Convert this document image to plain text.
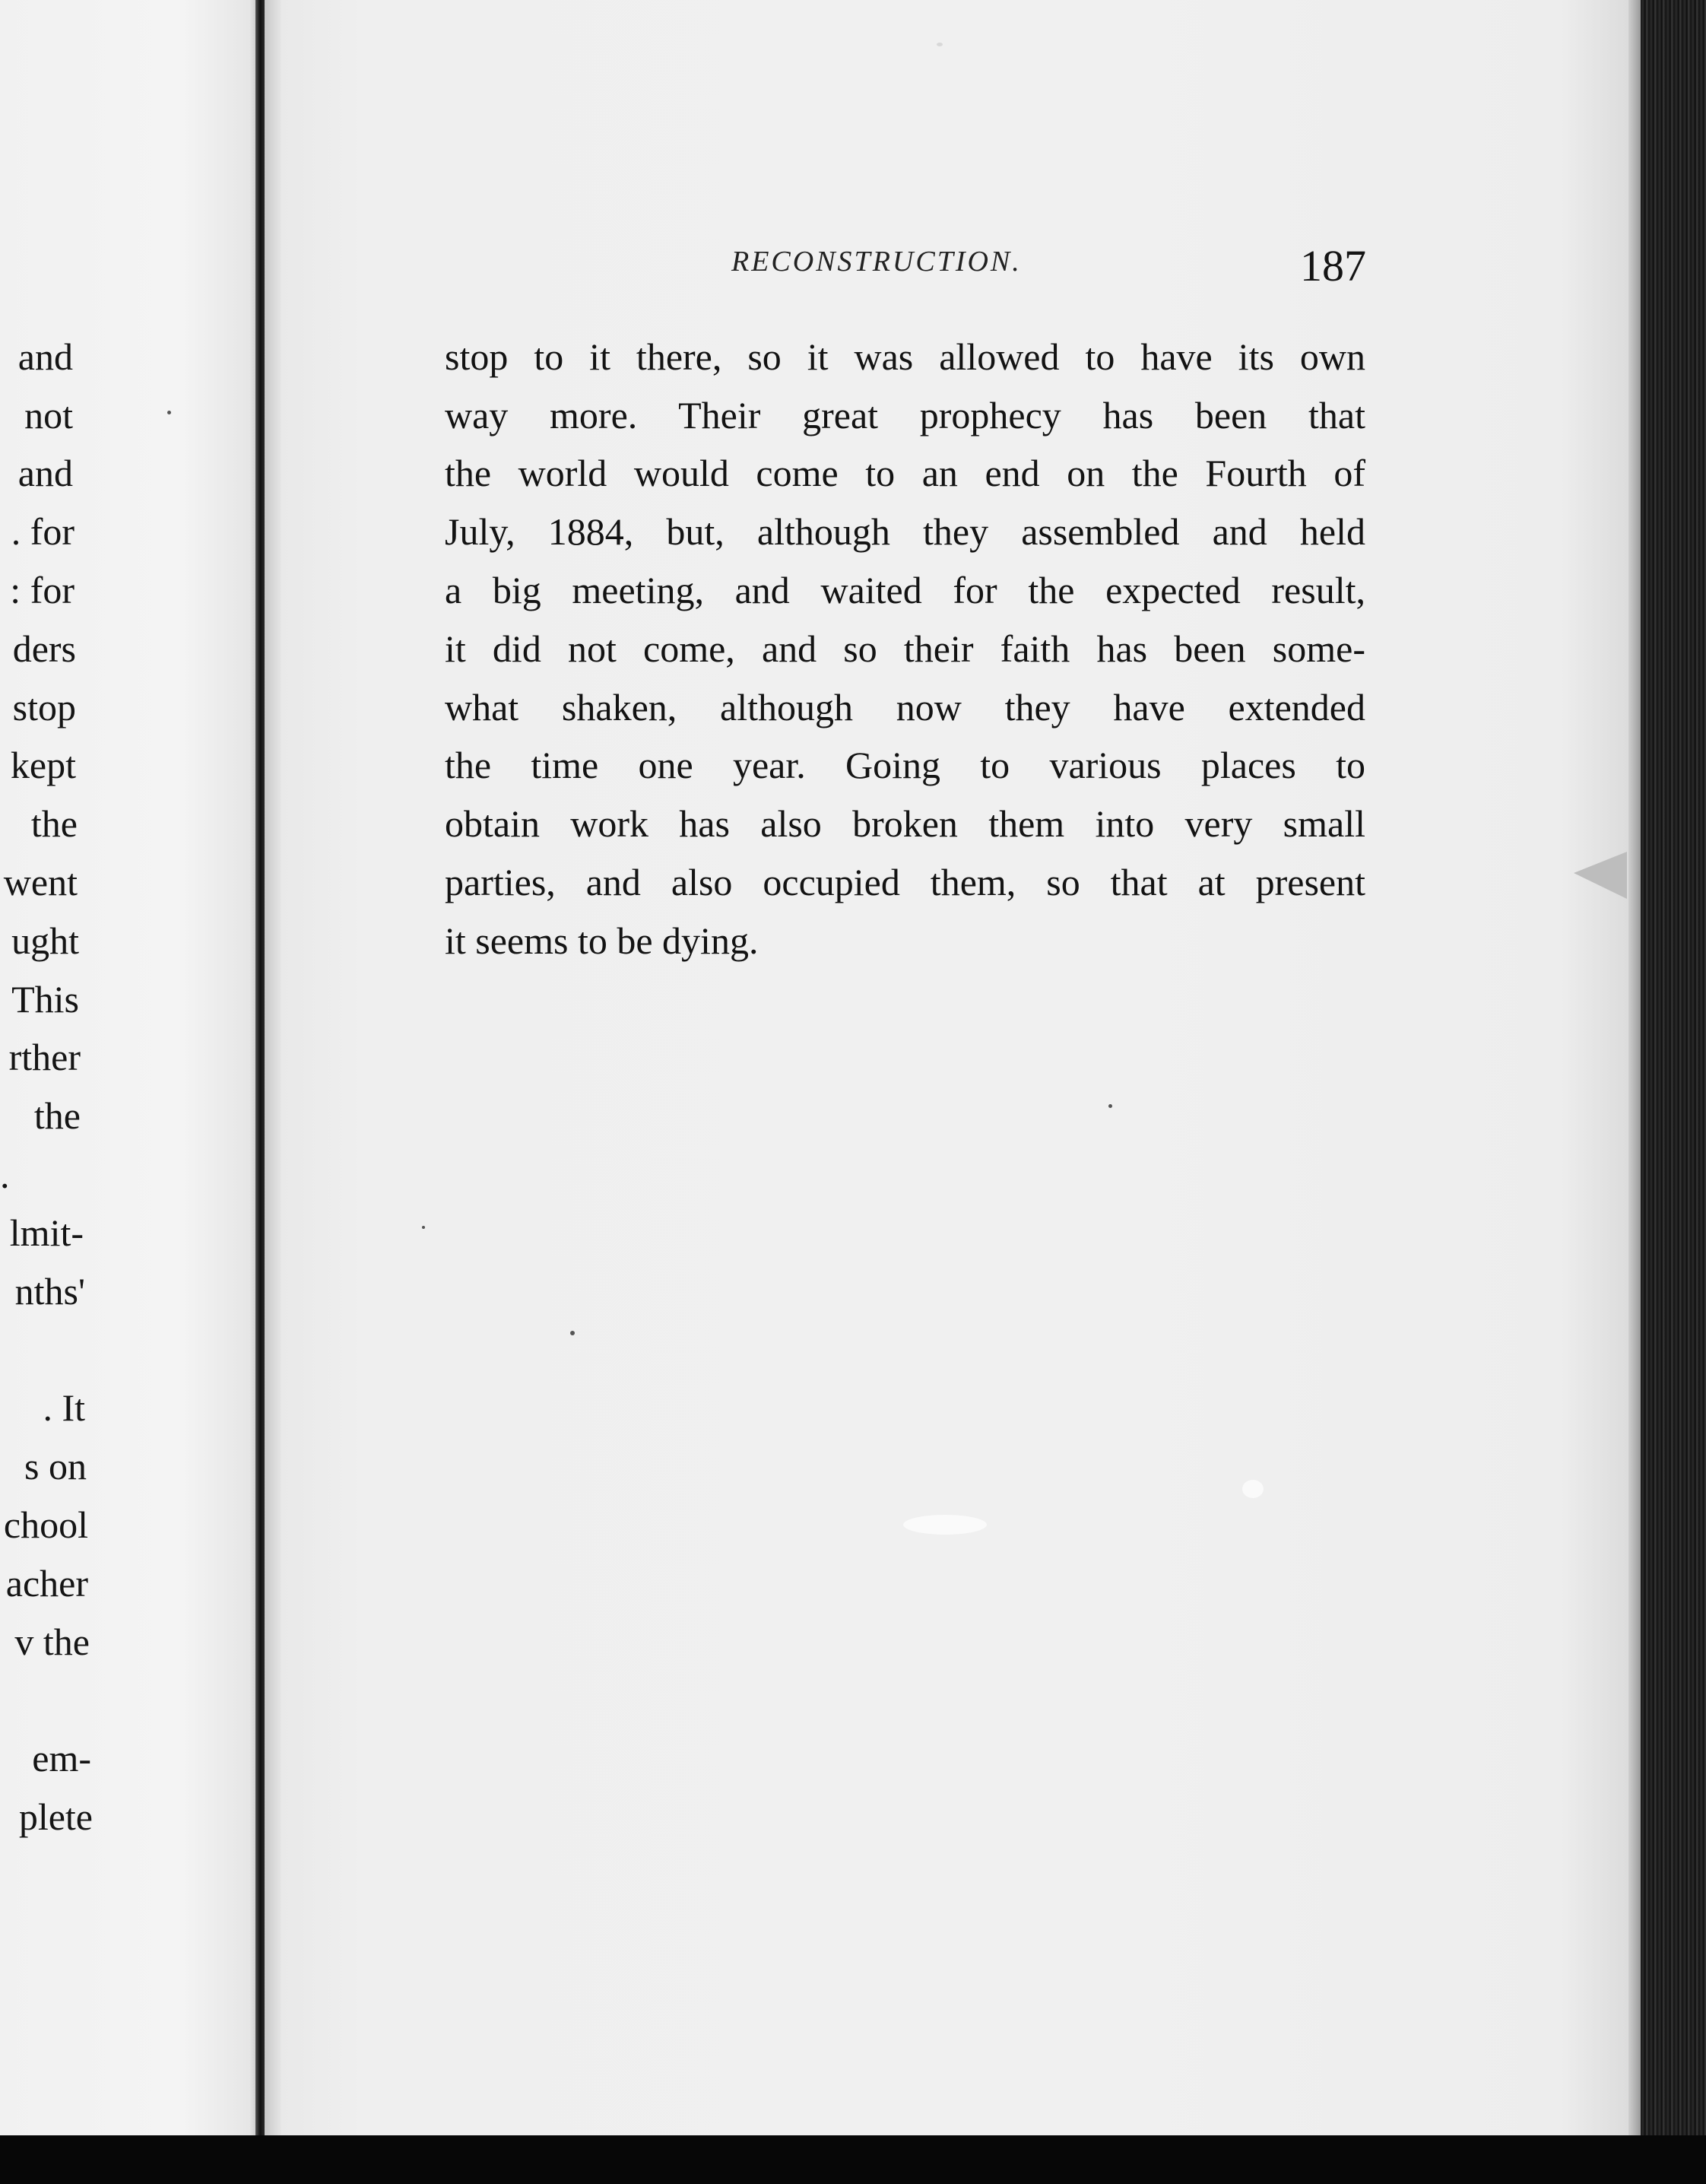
and
not
and
. for
: for
ders
stop
kept
the
went
ught
This
rther
the
.
lmit-
nths'
. It
s on
chool
acher
v the
em-
plete
RECONSTRUCTION.	187
stop to it there, so it was allowed to have its own
way more. Their great prophecy has been that
the world would come to an end on the Fourth of
July, 1884, but, although they assembled and held
a big meeting, and waited for the expected result,
it did not come, and so their faith has been some-
what shaken, although now they have extended
the time one year. Going to various places to
obtain work has also broken them into very small
parties, and also occupied them, so that at present
it seems to be dying.
